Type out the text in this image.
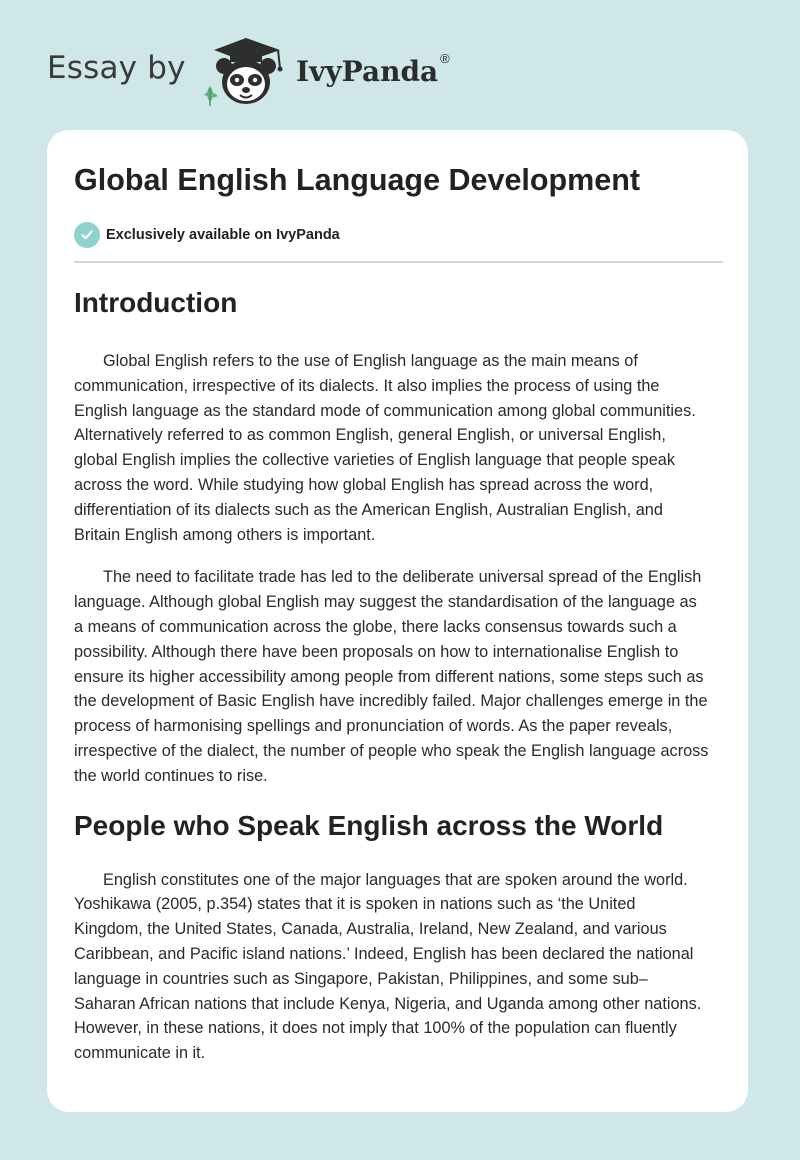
Essay by	IvyPanda ®
Global English Language Development
Exclusively available on IvyPanda
Introduction

Global English refers to the use of English language as the main means of
communication, irrespective of its dialects. It also implies the process of using the
English language as the standard mode of communication among global communities.
Alternatively referred to as common English, general English, or universal English,
global English implies the collective varieties of English language that people speak
across the word. While studying how global English has spread across the word,
differentiation of its dialects such as the American English, Australian English, and
Britain English among others is important.

The need to facilitate trade has led to the deliberate universal spread of the English
language. Although global English may suggest the standardisation of the language as
a means of communication across the globe, there lacks consensus towards such a
possibility. Although there have been proposals on how to internationalise English to
ensure its higher accessibility among people from different nations, some steps such as
the development of Basic English have incredibly failed. Major challenges emerge in the
process of harmonising spellings and pronunciation of words. As the paper reveals,
irrespective of the dialect, the number of people who speak the English language across
the world continues to rise.

People who Speak English across the World

English constitutes one of the major languages that are spoken around the world.
Yoshikawa (2005, p.354) states that it is spoken in nations such as ‘the United
Kingdom, the United States, Canada, Australia, Ireland, New Zealand, and various
Caribbean, and Pacific island nations.’ Indeed, English has been declared the national
language in countries such as Singapore, Pakistan, Philippines, and some sub–
Saharan African nations that include Kenya, Nigeria, and Uganda among other nations.
However, in these nations, it does not imply that 100% of the population can fluently
communicate in it.
